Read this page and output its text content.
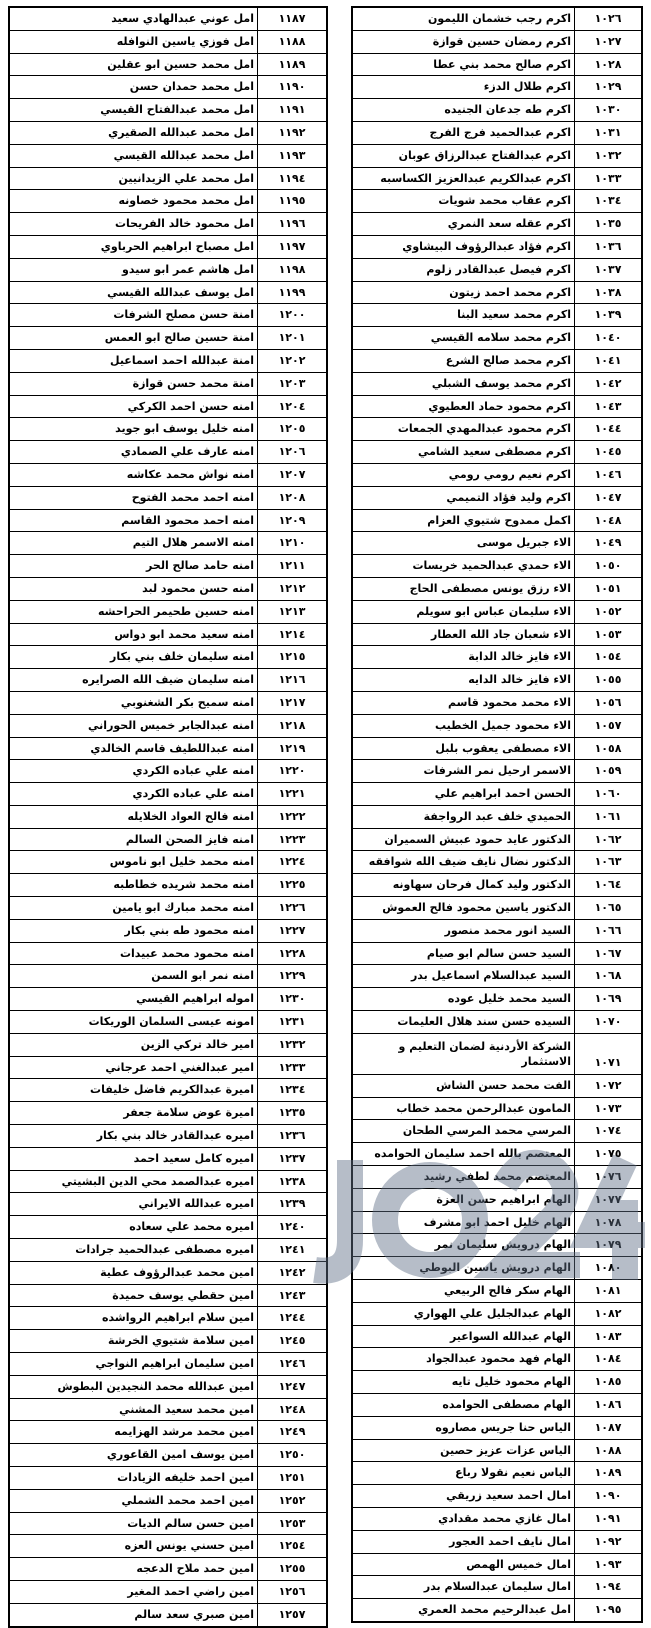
امل عوني عبدالهادي سعيد	١١٨٧
امل فوزي ياسين النوافله	١١٨٨
امل محمد حسين ابو عقلين	١١٨٩
امل محمد حمدان حسن	١١٩٠
امل محمد عبدالفتاح القيسي	١١٩١
امل محمد عبدالله الصقيري	١١٩٢
امل محمد عبدالله القيسي	١١٩٣
امل محمد علي الزيدانيين	١١٩٤
امل محمد محمود خصاونه	١١٩٥
امل محمود خالد الفريحات	١١٩٦
امل مصباح ابراهيم الحرباوي	١١٩٧
امل هاشم عمر ابو سيدو	١١٩٨
امل يوسف عبدالله القيسي	١١٩٩
امنة حسن مصلح الشرفات	١٢٠٠
امنة حسين صالح ابو العمس	١٢٠١
امنة عبدالله احمد اسماعيل	١٢٠٢
امنة محمد حسن قوازة	١٢٠٣
امنه حسن احمد الكركي	١٢٠٤
امنه خليل يوسف ابو جويد	١٢٠٥
امنه عارف علي الصمادي	١٢٠٦
امنه نواش محمد عكاشه	١٢٠٧
امنه احمد محمد الفتوح	١٢٠٨
امنه احمد محمود القاسم	١٢٠٩
امنه الاسمر هلال التيم	١٢١٠
امنه حامد صالح الحر	١٢١١
امنه حسن محمود لبد	١٢١٢
امنه حسين طحيمر الحراحشه	١٢١٣
امنه سعيد محمد ابو دواس	١٢١٤
امنه سليمان خلف بني بكار	١٢١٥
امنه سليمان ضيف الله الصرايره	١٢١٦
امنه سميح بكر الشغنوبي	١٢١٧
امنه عبدالجابر خميس الحوراني	١٢١٨
امنه عبداللطيف قاسم الخالدي	١٢١٩
امنه علي عباده الكردي	١٢٢٠
امنه علي عباده الكردي	١٢٢١
امنه فالح العواد الخلايله	١٢٢٢
امنه فايز الصحن السالم	١٢٢٣
امنه محمد خليل ابو ناموس	١٢٢٤
امنه محمد شريده خطاطبه	١٢٢٥
امنه محمد مبارك ابو يامين	١٢٢٦
امنه محمود طه بني بكار	١٢٢٧
امنه محمود محمد عبيدات	١٢٢٨
امنه نمر ابو السمن	١٢٢٩
اموله ابراهيم القيسي	١٢٣٠
امونه عيسى السلمان الوريكات	١٢٣١
امير خالد تركي الزين	١٢٣٢
امير عبدالغني احمد عرجاني	١٢٣٣
اميرة عبدالكريم فاضل خليفات	١٢٣٤
اميرة عوض سلامة جعفر	١٢٣٥
اميره عبدالقادر خالد بني بكار	١٢٣٦
اميره كامل سعيد احمد	١٢٣٧
اميره عبدالصمد محي الدين البشيتي	١٢٣٨
اميره عبدالله الايراني	١٢٣٩
اميره محمد علي سعاده	١٢٤٠
اميره مصطفى عبدالحميد جرادات	١٢٤١
امين محمد عبدالرؤوف عطية	١٢٤٢
امين حقطي يوسف حميدة	١٢٤٣
امين سلام ابراهيم الرواشده	١٢٤٤
امين سلامة شتيوي الخرشة	١٢٤٥
امين سليمان ابراهيم النواجي	١٢٤٦
امين عبدالله محمد النجيدين البطوش	١٢٤٧
امين محمد سعيد المشني	١٢٤٨
امين محمد مرشد الهزايمه	١٢٤٩
امين يوسف امين القاعوري	١٢٥٠
امين احمد خليفه الزيادات	١٢٥١
امين احمد محمد الشملي	١٢٥٢
امين حسن سالم الديات	١٢٥٣
امين حسني يونس العزه	١٢٥٤
امين حمد ملاح الدعجه	١٢٥٥
امين راضي احمد المغير	١٢٥٦
امين صبري سعد سالم	١٢٥٧
اكرم رجب خشمان الليمون	١٠٢٦
اكرم رمضان حسين قوازة	١٠٢٧
اكرم صالح محمد بني عطا	١٠٢٨
اكرم طلال الدزء	١٠٢٩
اكرم طه جدعان الجنيده	١٠٣٠
اكرم عبدالحميد فرج الفرج	١٠٣١
اكرم عبدالفتاح عبدالرزاق عوبان	١٠٣٢
اكرم عبدالكريم عبدالعزيز الكساسبه	١٠٣٣
اكرم عقاب محمد شويات	١٠٣٤
اكرم عقله سعد النمري	١٠٣٥
اكرم فؤاد عبدالرؤوف البيشاوي	١٠٣٦
اكرم فيصل عبدالقادر زلوم	١٠٣٧
اكرم محمد احمد زيتون	١٠٣٨
اكرم محمد سعيد البنا	١٠٣٩
اكرم محمد سلامه القيسي	١٠٤٠
اكرم محمد صالح الشرع	١٠٤١
اكرم محمد يوسف الشبلي	١٠٤٢
اكرم محمود حماد العطيوي	١٠٤٣
اكرم محمود عبدالمهدي الجمعات	١٠٤٤
اكرم مصطفى سعيد الشامي	١٠٤٥
اكرم نعيم رومي رومي	١٠٤٦
اكرم وليد فؤاد التميمي	١٠٤٧
اكمل ممدوح شتيوي العزام	١٠٤٨
الاء جبريل موسى	١٠٤٩
الاء حمدي عبدالحميد خريسات	١٠٥٠
الاء رزق يونس مصطفى الحاج	١٠٥١
الاء سليمان عباس ابو سويلم	١٠٥٢
الاء شعبان جاد الله العطار	١٠٥٣
الاء فايز خالد الدابة	١٠٥٤
الاء فايز خالد الدايه	١٠٥٥
الاء محمد محمود قاسم	١٠٥٦
الاء محمود جميل الخطيب	١٠٥٧
الاء مصطفى يعقوب بلبل	١٠٥٨
الاسمر ارحيل نمر الشرفات	١٠٥٩
الحسن احمد ابراهيم علي	١٠٦٠
الحميدي خلف عبد الرواجفة	١٠٦١
الدكتور عايد حمود عبيش السميران	١٠٦٢
الدكتور نضال نايف ضيف الله شوافقه	١٠٦٣
الدكتور وليد كمال فرحان سهاونه	١٠٦٤
الدكتور ياسين محمود فالح العموش	١٠٦٥
السيد انور محمد منصور	١٠٦٦
السيد حسن سالم ابو صيام	١٠٦٧
السيد عبدالسلام اسماعيل بدر	١٠٦٨
السيد محمد خليل عوده	١٠٦٩
السيده حسن سند هلال العليمات	١٠٧٠
الشركة الأردنية لضمان التعليم و الاستثمار	١٠٧١
الفت محمد حسن الشاش	١٠٧٢
المامون عبدالرحمن محمد خطاب	١٠٧٣
المرسي محمد المرسي الطحان	١٠٧٤
المعتصم بالله احمد سليمان الحوامده	١٠٧٥
المعتصم محمد لطفي رشيد	١٠٧٦
الهام ابراهيم حسن العزة	١٠٧٧
الهام خليل احمد ابو مشرف	١٠٧٨
الهام درويش سليمان نمر	١٠٧٩
الهام درويش ياسين البوطي	١٠٨٠
الهام سكر فالح الربيعي	١٠٨١
الهام عبدالجليل علي الهواري	١٠٨٢
الهام عبدالله السواعير	١٠٨٣
الهام فهد محمود عبدالجواد	١٠٨٤
الهام محمود خليل تايه	١٠٨٥
الهام مصطفى الحوامده	١٠٨٦
الياس حنا جريس مصاروه	١٠٨٧
الياس عزات عزيز حصين	١٠٨٨
الياس نعيم نقولا رباع	١٠٨٩
امال احمد سعيد زريقي	١٠٩٠
امال غازي محمد مقدادي	١٠٩١
امال نايف احمد العجور	١٠٩٢
امال خميس الهمص	١٠٩٣
امال سليمان عبدالسلام بدر	١٠٩٤
امل عبدالرحيم محمد العمري	١٠٩٥
